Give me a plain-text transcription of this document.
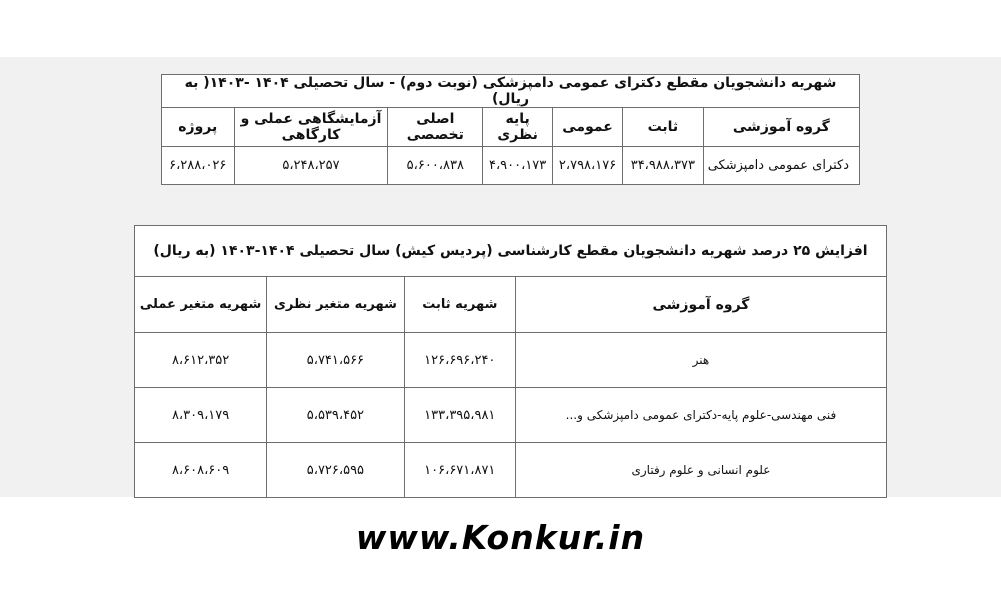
شهریه دانشجویان مقطع دکترای عمومی دامپزشکی (نوبت دوم) - سال تحصیلی ۱۴۰۴ -۱۴۰۳( به ریال)						
گروه آموزشی	ثابت	عمومی	پایه نظری	اصلی تخصصی	آزمایشگاهی عملی و کارگاهی	پروژه
دکترای عمومی دامپزشکی	۳۴،۹۸۸،۳۷۳	۲،۷۹۸،۱۷۶	۴،۹۰۰،۱۷۳	۵،۶۰۰،۸۳۸	۵،۲۴۸،۲۵۷	۶،۲۸۸،۰۲۶
افزایش ۲۵ درصد شهریه دانشجویان مقطع کارشناسی (پردیس کیش) سال تحصیلی ۱۴۰۴-۱۴۰۳ (به ریال)			
گروه آموزشی	شهریه ثابت	شهریه متغیر نظری	شهریه متغیر عملی
هنر	۱۲۶،۶۹۶،۲۴۰	۵،۷۴۱،۵۶۶	۸،۶۱۲،۳۵۲
فنی مهندسی-علوم پایه-دکترای عمومی دامپزشکی و...	۱۳۳،۳۹۵،۹۸۱	۵،۵۳۹،۴۵۲	۸،۳۰۹،۱۷۹
علوم انسانی و علوم رفتاری	۱۰۶،۶۷۱،۸۷۱	۵،۷۲۶،۵۹۵	۸،۶۰۸،۶۰۹
www.Konkur.in
